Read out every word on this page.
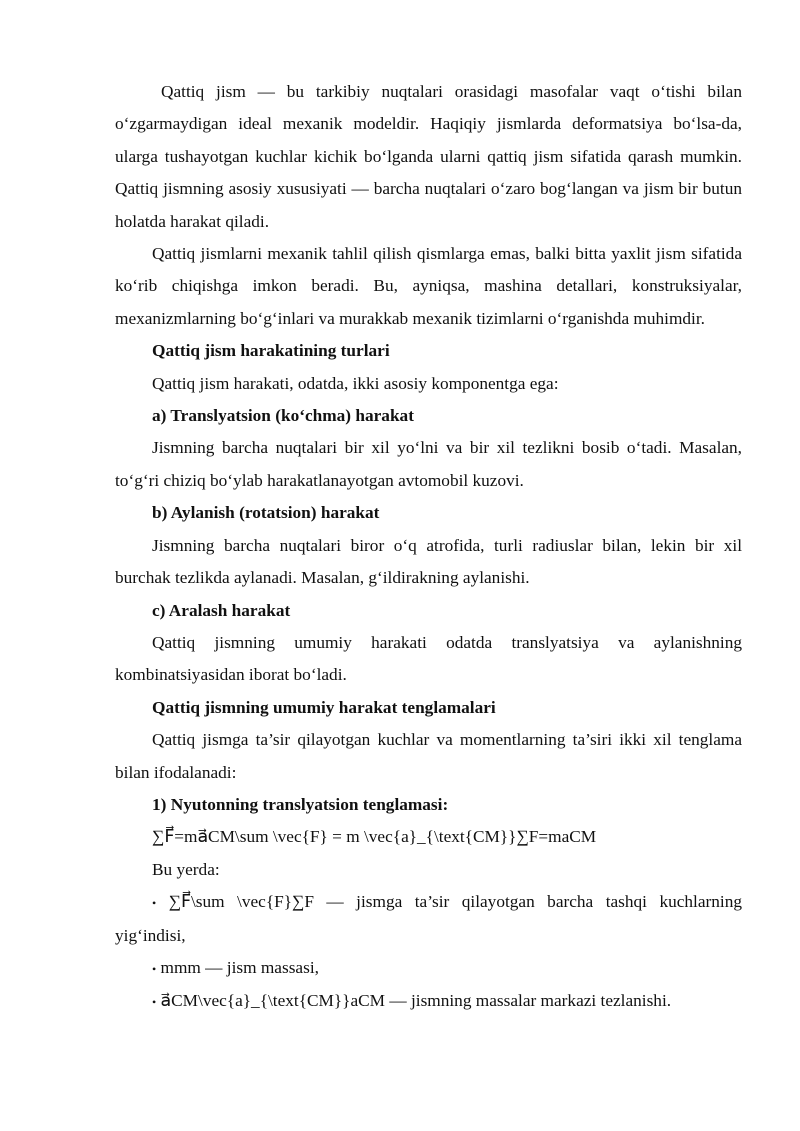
Qattiq jism — bu tarkibiy nuqtalari orasidagi masofalar vaqt o‘tishi bilan o‘zgarmaydigan ideal mexanik modeldir. Haqiqiy jismlarda deformatsiya bo‘lsa-da, ularga tushayotgan kuchlar kichik bo‘lganda ularni qattiq jism sifatida qarash mumkin. Qattiq jismning asosiy xususiyati — barcha nuqtalari o‘zaro bog‘langan va jism bir butun holatda harakat qiladi.

Qattiq jismlarni mexanik tahlil qilish qismlarga emas, balki bitta yaxlit jism sifatida ko‘rib chiqishga imkon beradi. Bu, ayniqsa, mashina detallari, konstruksiyalar, mexanizmlarning bo‘g‘inlari va murakkab mexanik tizimlarni o‘rganishda muhimdir.

Qattiq jism harakatining turlari

Qattiq jism harakati, odatda, ikki asosiy komponentga ega:

a) Translyatsion (ko‘chma) harakat

Jismning barcha nuqtalari bir xil yo‘lni va bir xil tezlikni bosib o‘tadi. Masalan, to‘g‘ri chiziq bo‘ylab harakatlanayotgan avtomobil kuzovi.

b) Aylanish (rotatsion) harakat

Jismning barcha nuqtalari biror o‘q atrofida, turli radiuslar bilan, lekin bir xil burchak tezlikda aylanadi. Masalan, g‘ildirakning aylanishi.

c) Aralash harakat

Qattiq jismning umumiy harakati odatda translyatsiya va aylanishning kombinatsiyasidan iborat bo‘ladi.

Qattiq jismning umumiy harakat tenglamalari

Qattiq jismga ta’sir qilayotgan kuchlar va momentlarning ta’siri ikki xil tenglama bilan ifodalanadi:

1) Nyutonning translyatsion tenglamasi:

∑F⃗=ma⃗CM\sum \vec{F} = m \vec{a}_{\text{CM}}∑F=maCM

Bu yerda:

• ∑F⃗\sum \vec{F}∑F — jismga ta’sir qilayotgan barcha tashqi kuchlarning yig‘indisi,

• mmm — jism massasi,

• a⃗CM\vec{a}_{\text{CM}}aCM — jismning massalar markazi tezlanishi.
